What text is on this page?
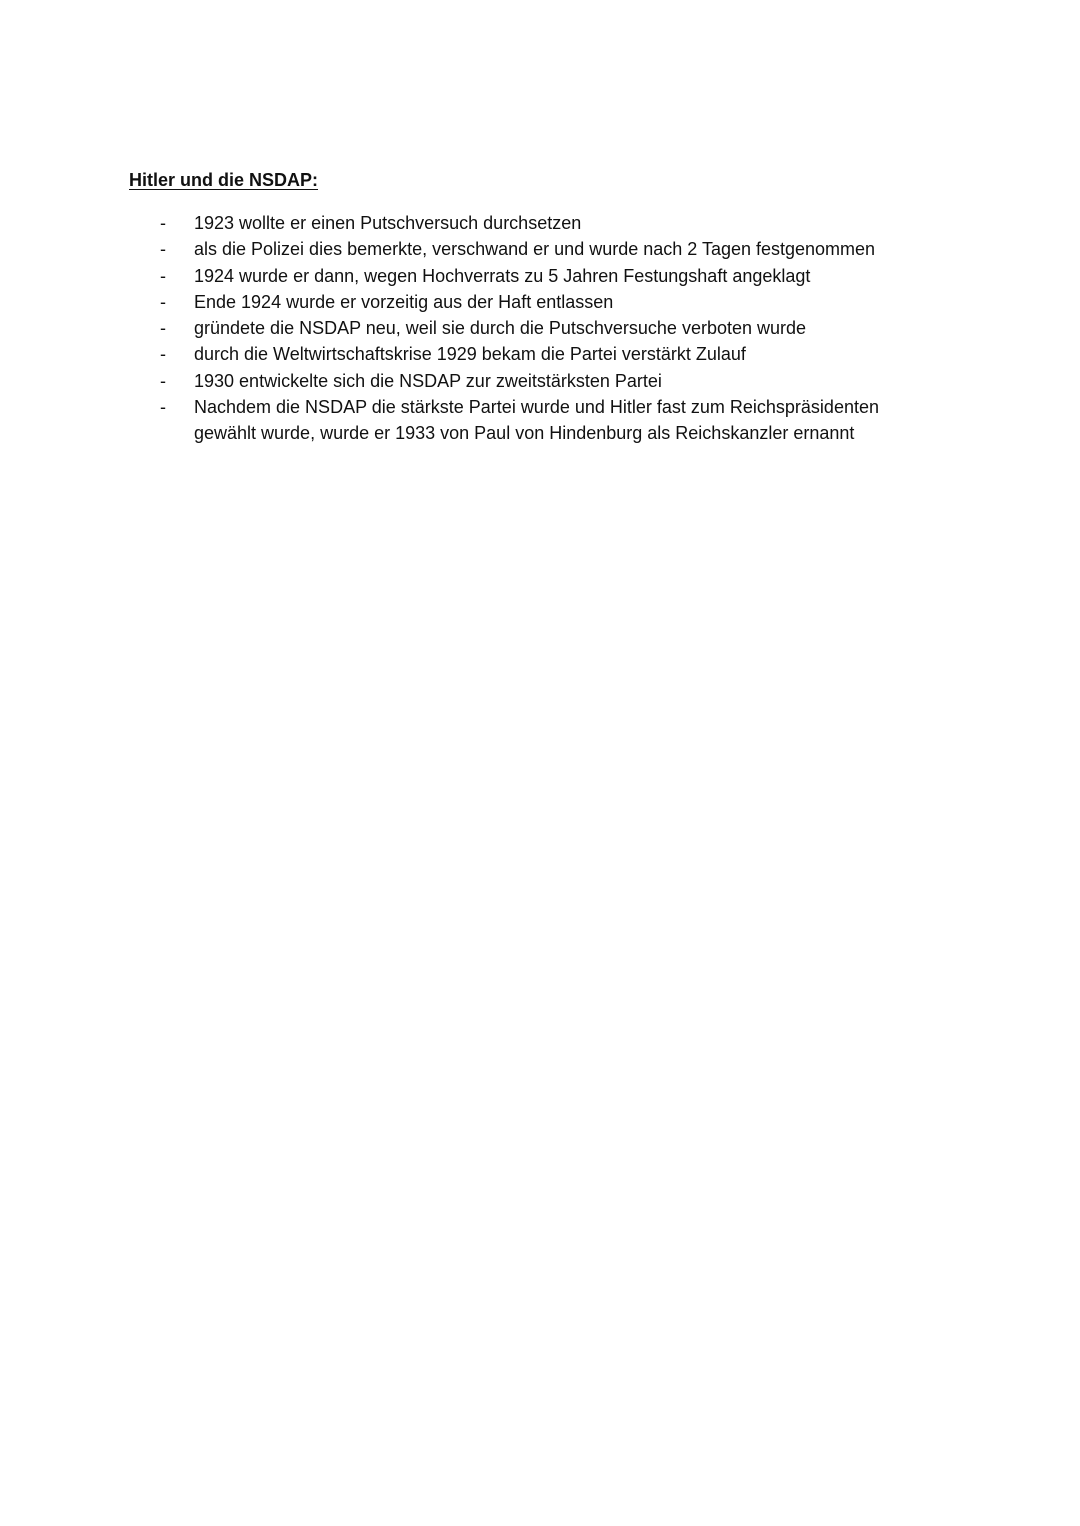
Hitler und die NSDAP:
-	1923 wollte er einen Putschversuch durchsetzen
-	als die Polizei dies bemerkte, verschwand er und wurde nach 2 Tagen festgenommen
-	1924 wurde er dann, wegen Hochverrats zu 5 Jahren Festungshaft angeklagt
-	Ende 1924 wurde er vorzeitig aus der Haft entlassen
-	gründete die NSDAP neu, weil sie durch die Putschversuche verboten wurde
-	durch die Weltwirtschaftskrise 1929 bekam die Partei verstärkt Zulauf
-	1930 entwickelte sich die NSDAP zur zweitstärksten Partei
-	Nachdem die NSDAP die stärkste Partei wurde und Hitler fast zum Reichspräsidenten gewählt wurde, wurde er 1933 von Paul von Hindenburg als Reichskanzler ernannt
